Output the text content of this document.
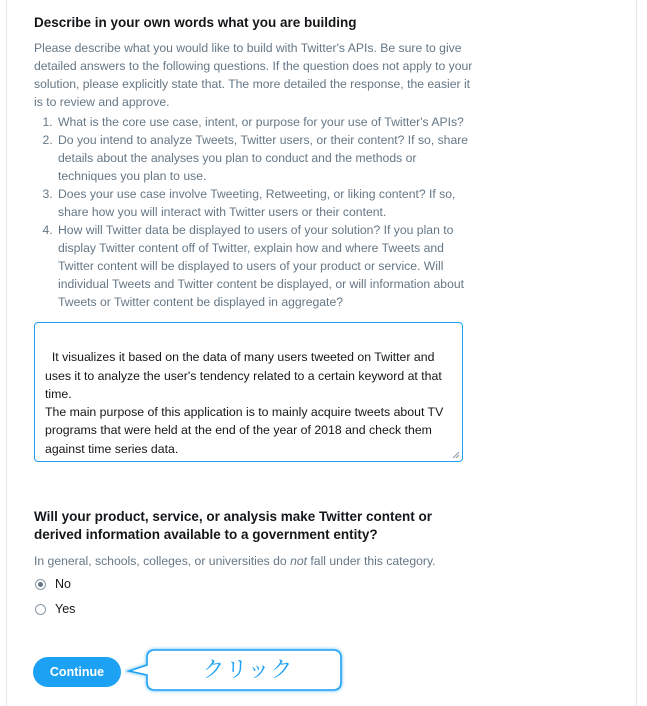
Describe in your own words what you are building
Please describe what you would like to build with Twitter's APIs. Be sure to give detailed answers to the following questions. If the question does not apply to your solution, please explicitly state that. The more detailed the response, the easier it is to review and approve.
1. What is the core use case, intent, or purpose for your use of Twitter's APIs?
2. Do you intend to analyze Tweets, Twitter users, or their content? If so, share details about the analyses you plan to conduct and the methods or techniques you plan to use.
3. Does your use case involve Tweeting, Retweeting, or liking content? If so, share how you will interact with Twitter users or their content.
4. How will Twitter data be displayed to users of your solution? If you plan to display Twitter content off of Twitter, explain how and where Tweets and Twitter content will be displayed to users of your product or service. Will individual Tweets and Twitter content be displayed, or will information about Tweets or Twitter content be displayed in aggregate?

It visualizes it based on the data of many users tweeted on Twitter and uses it to analyze the user's tendency related to a certain keyword at that time.
The main purpose of this application is to mainly acquire tweets about TV programs that were held at the end of the year of 2018 and check them against time series data.

Will your product, service, or analysis make Twitter content or derived information available to a government entity?
In general, schools, colleges, or universities do not fall under this category.
No
Yes
Continue	クリック
